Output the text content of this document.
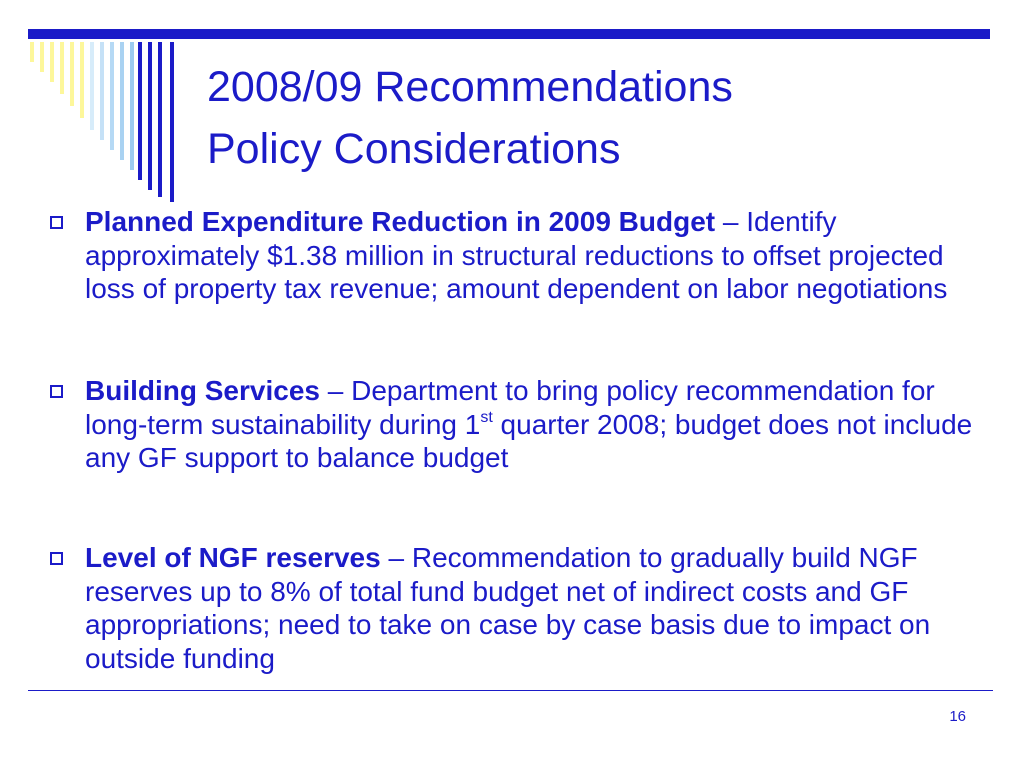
2008/09 Recommendations
Policy Considerations
Planned Expenditure Reduction in 2009 Budget – Identify approximately $1.38 million in structural reductions to offset projected loss of property tax revenue; amount dependent on labor negotiations
Building Services – Department to bring policy recommendation for long-term sustainability during 1st quarter 2008; budget does not include any GF support to balance budget
Level of NGF reserves – Recommendation to gradually build NGF reserves up to 8% of total fund budget net of indirect costs and GF appropriations; need to take on case by case basis due to impact on outside funding
16
